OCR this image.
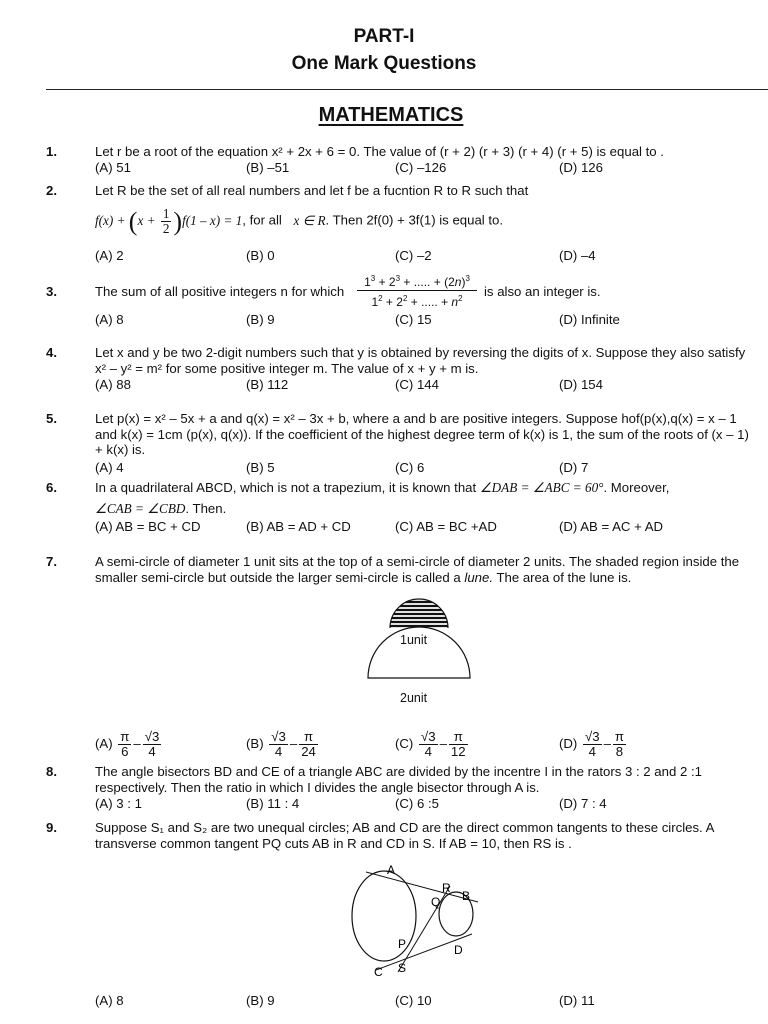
PART-I
One Mark Questions
MATHEMATICS
1.	Let r be a root of the equation x² + 2x + 6 = 0. The value of (r + 2) (r + 3) (r + 4) (r + 5) is equal to .
(A) 51	(B) –51	(C) –126	(D) 126
2.	Let R be the set of all real numbers and let f be a fucntion R to R such that
$f(x) + (x + \frac{1}{2} )f(1 - x) = 1$, for all x ∈ R. Then 2f(0) + 3f(1) is equal to.
(A) 2	(B) 0	(C) –2	(D) –4
3.	The sum of all positive integers n for which
$1^3 + 2^3$ + ..... + $(2n)^3$
$1^2 + 2^2$ + ..... + $n^2$	is also an integer is.
(A) 8	(B) 9	(C) 15	(D) Infinite
4.	Let x and y be two 2-digit numbers such that y is obtained by reversing the digits of x. Suppose they also satisfy x² – y² = m² for some positive integer m. The value of x + y + m is.
(A) 88	(B) 112	(C) 144	(D) 154
5.	Let p(x) = x² – 5x + a and q(x) = x² – 3x + b, where a and b are positive integers. Suppose hof(p(x),q(x) = x – 1 and k(x) = 1cm (p(x), q(x)). If the coefficient of the highest degree term of k(x) is 1, the sum of the roots of (x – 1) + k(x) is.
(A) 4	(B) 5	(C) 6	(D) 7
6.	In a quadrilateral ABCD, which is not a trapezium, it is known that ∠DAB = ∠ABC = 60°. Moreover,
∠CAB = ∠CBD. Then.
(A) AB = BC + CD	(B) AB = AD + CD	(C) AB = BC +AD	(D) AB = AC + AD
7.	A semi-circle of diameter 1 unit sits at the top of a semi-circle of diameter 2 units. The shaded region inside the smaller semi-circle but outside the larger semi-circle is called a lune. The area of the lune is.
1unit
2unit
$(A) \frac{\pi}{6} - \frac{√3}{4}$	$(B) \frac{√3}{4} - \frac{\pi}{24}$	$(C) \frac{√3}{4} - \frac{\pi}{12}$	$(D) \frac{√3}{4} - \frac{\pi}{8}$
8.	The angle bisectors BD and CE of a triangle ABC are divided by the incentre I in the rators 3 : 2 and 2 :1 respectively. Then the ratio in which I divides the angle bisector through A is.
(A) 3 : 1	(B) 11 : 4	(C) 6 :5	(D) 7 : 4
9.	Suppose S₁ and S₂ are two unequal circles; AB and CD are the direct common tangents to these circles. A transverse common tangent PQ cuts AB in R and CD in S. If AB = 10, then RS is .
A
R
B
Q
P	D
C S
(A) 8	(B) 9	(C) 10	(D) 11
